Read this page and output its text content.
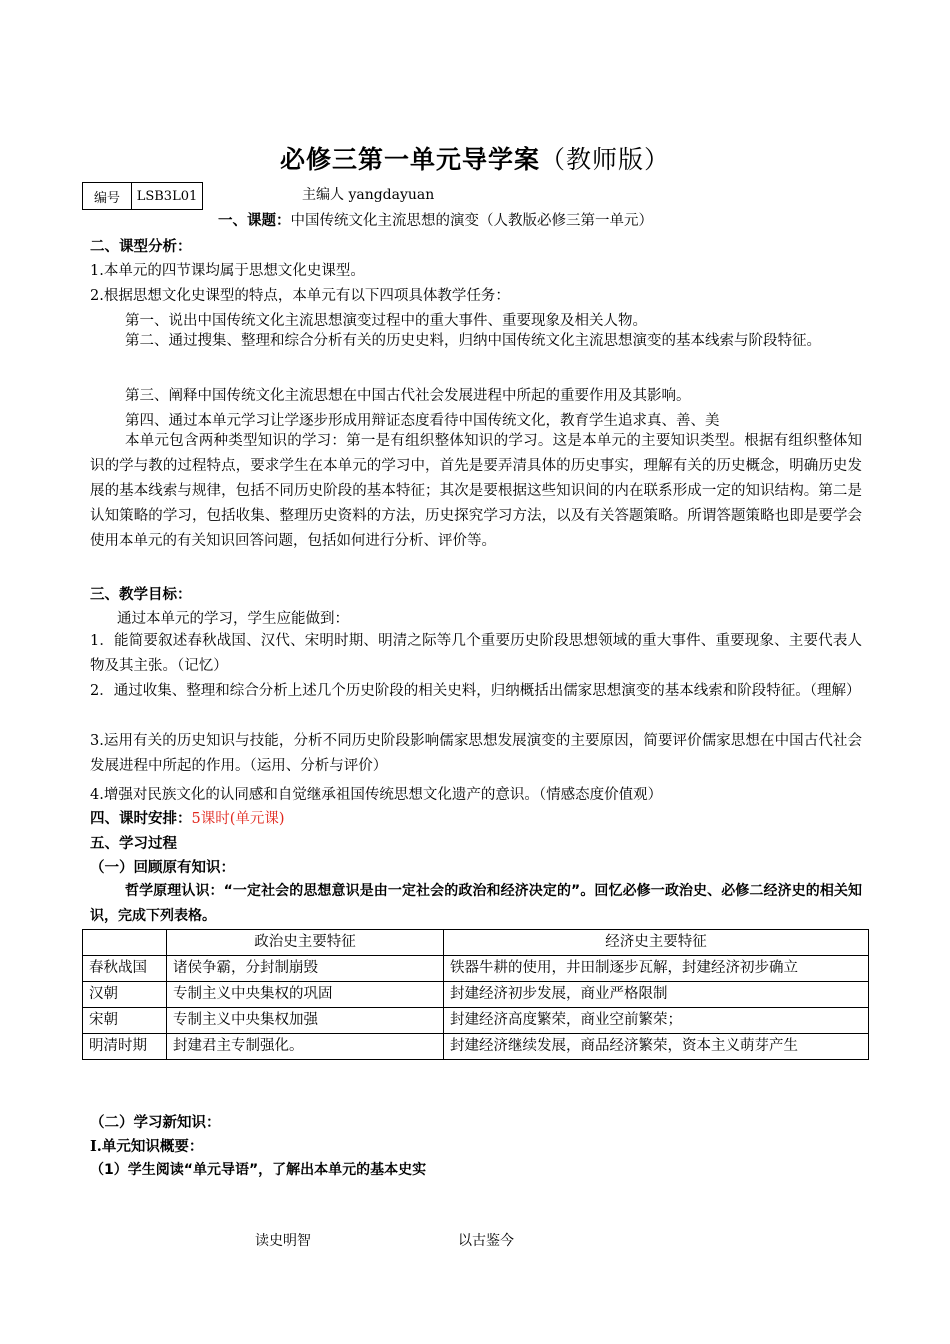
必修三第一单元导学案（教师版）
编号	LSB3L01	主编人 yangdayuan
一、课题：中国传统文化主流思想的演变（人教版必修三第一单元）
二、课型分析：
1.本单元的四节课均属于思想文化史课型。
2.根据思想文化史课型的特点，本单元有以下四项具体教学任务：
第一、说出中国传统文化主流思想演变过程中的重大事件、重要现象及相关人物。
第二、通过搜集、整理和综合分析有关的历史史料，归纳中国传统文化主流思想演变的基本线索与阶段特征。
第三、阐释中国传统文化主流思想在中国古代社会发展进程中所起的重要作用及其影响。
第四、通过本单元学习让学逐步形成用辩证态度看待中国传统文化，教育学生追求真、善、美
本单元包含两种类型知识的学习：第一是有组织整体知识的学习。这是本单元的主要知识类型。根据有组织整体知识的学与教的过程特点，要求学生在本单元的学习中，首先是要弄清具体的历史事实，理解有关的历史概念，明确历史发展的基本线索与规律，包括不同历史阶段的基本特征；其次是要根据这些知识间的内在联系形成一定的知识结构。第二是认知策略的学习，包括收集、整理历史资料的方法，历史探究学习方法，以及有关答题策略。所谓答题策略也即是要学会使用本单元的有关知识回答问题，包括如何进行分析、评价等。
三、教学目标：
通过本单元的学习，学生应能做到：
1．能简要叙述春秋战国、汉代、宋明时期、明清之际等几个重要历史阶段思想领域的重大事件、重要现象、主要代表人物及其主张。（记忆）
2．通过收集、整理和综合分析上述几个历史阶段的相关史料，归纳概括出儒家思想演变的基本线索和阶段特征。（理解）
3.运用有关的历史知识与技能，分析不同历史阶段影响儒家思想发展演变的主要原因，简要评价儒家思想在中国古代社会发展进程中所起的作用。（运用、分析与评价）
4.增强对民族文化的认同感和自觉继承祖国传统思想文化遗产的意识。（情感态度价值观）
四、课时安排：5课时(单元课)
五、学习过程
（一）回顾原有知识：
哲学原理认识：“一定社会的思想意识是由一定社会的政治和经济决定的”。回忆必修一政治史、必修二经济史的相关知识，完成下列表格。
	政治史主要特征	经济史主要特征
春秋战国	诸侯争霸，分封制崩毁	铁器牛耕的使用，井田制逐步瓦解，封建经济初步确立
汉朝	专制主义中央集权的巩固	封建经济初步发展，商业严格限制
宋朝	专制主义中央集权加强	封建经济高度繁荣，商业空前繁荣；
明清时期	封建君主专制强化。	封建经济继续发展，商品经济繁荣，资本主义萌芽产生
（二）学习新知识：
Ⅰ.单元知识概要：
（1）学生阅读“单元导语”，了解出本单元的基本史实
读史明智	以古鉴今
